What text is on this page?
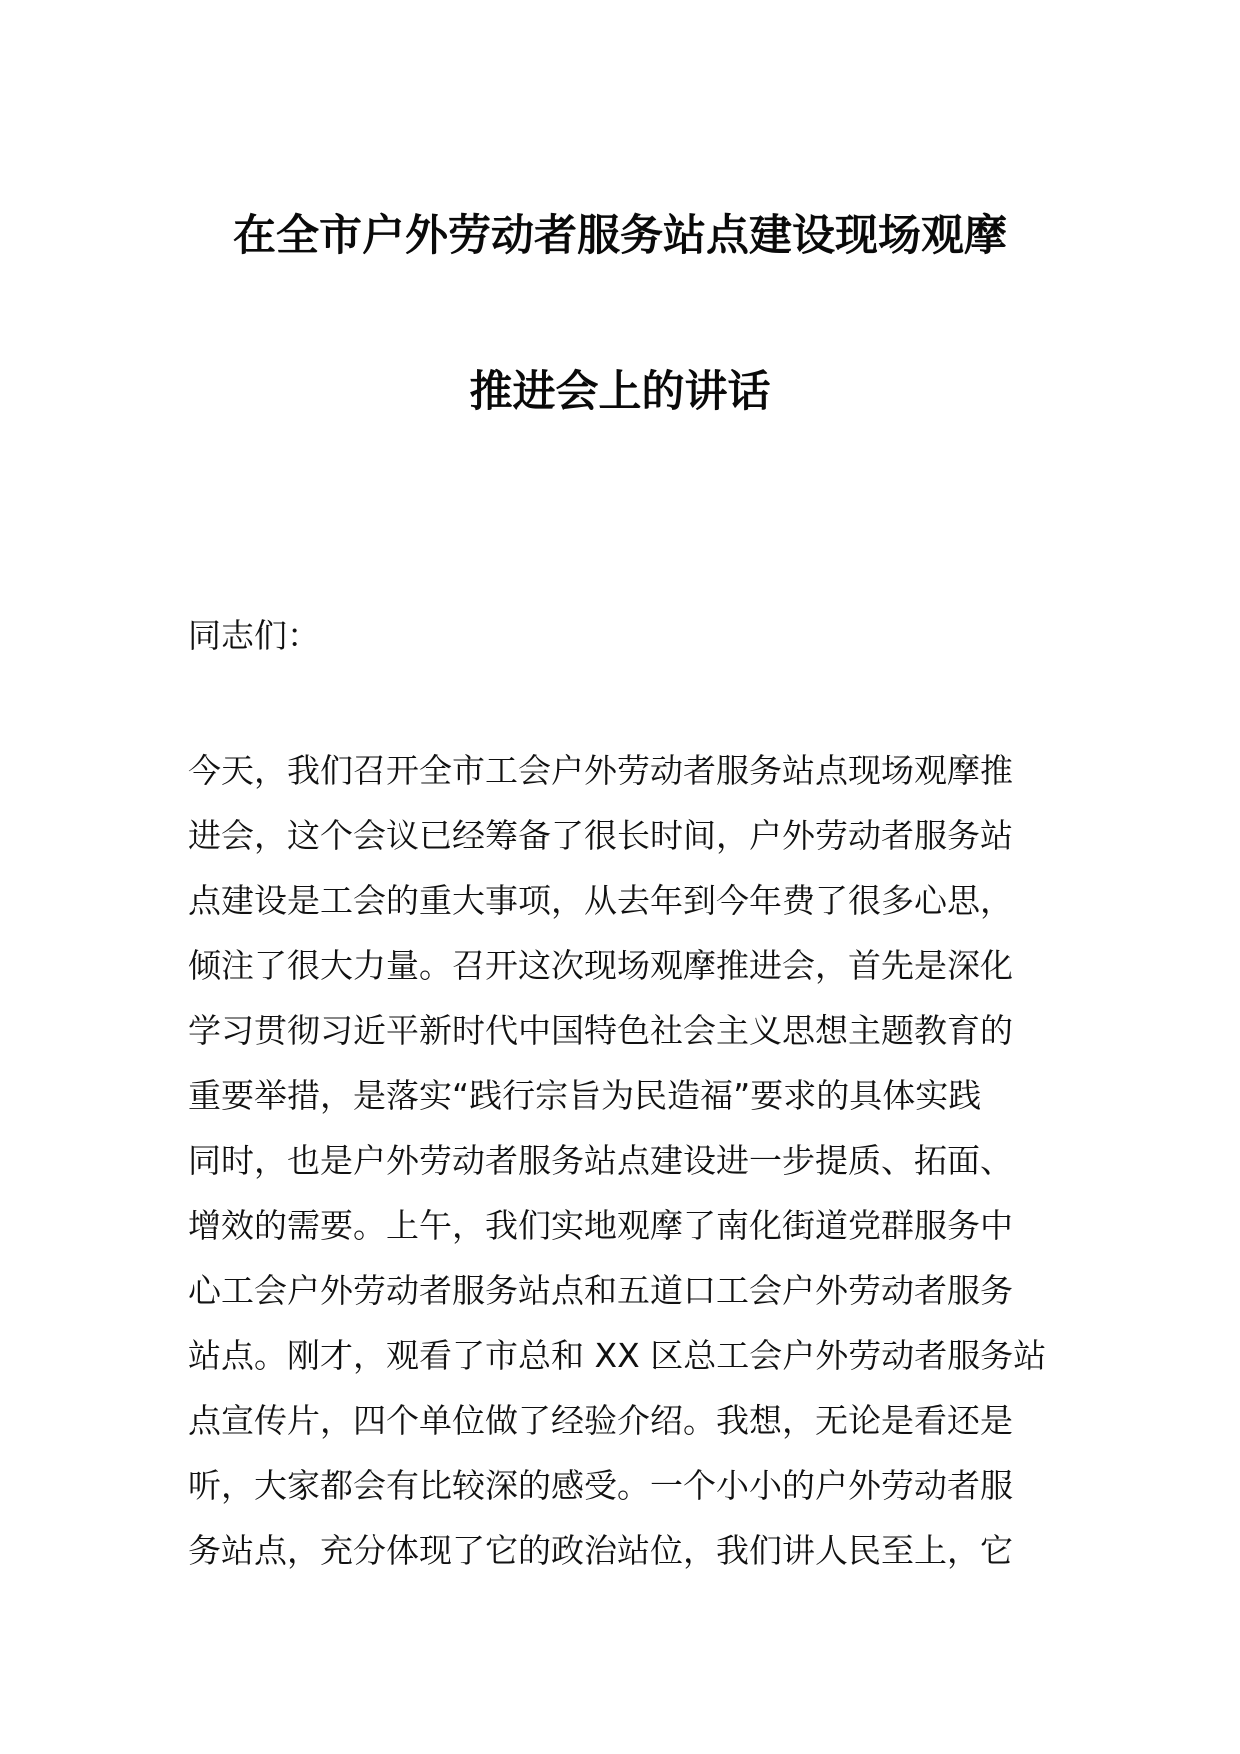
在全市户外劳动者服务站点建设现场观摩
推进会上的讲话
同志们：
今天，我们召开全市工会户外劳动者服务站点现场观摩推
进会，这个会议已经筹备了很长时间，户外劳动者服务站
点建设是工会的重大事项，从去年到今年费了很多心思，
倾注了很大力量。召开这次现场观摩推进会，首先是深化
学习贯彻习近平新时代中国特色社会主义思想主题教育的
重要举措，是落实“践行宗旨为民造福”要求的具体实践
同时，也是户外劳动者服务站点建设进一步提质、拓面、
增效的需要。上午，我们实地观摩了南化街道党群服务中
心工会户外劳动者服务站点和五道口工会户外劳动者服务
站点。刚才，观看了市总和 XX 区总工会户外劳动者服务站
点宣传片，四个单位做了经验介绍。我想，无论是看还是
听，大家都会有比较深的感受。一个小小的户外劳动者服
务站点，充分体现了它的政治站位，我们讲人民至上，它
